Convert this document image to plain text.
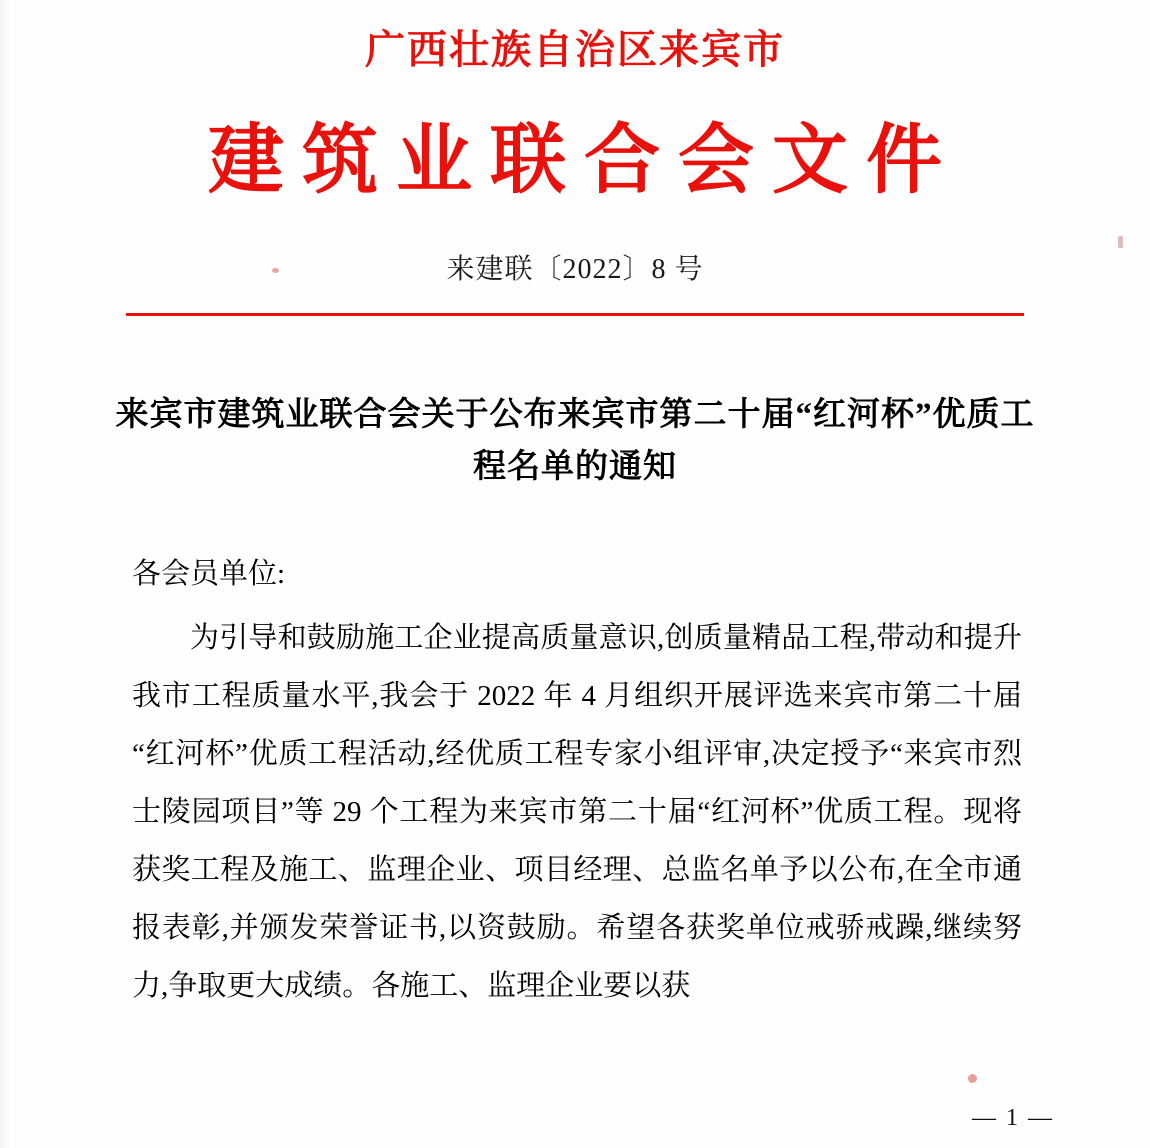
广西壮族自治区来宾市
建筑业联合会文件
来建联〔2022〕8 号
来宾市建筑业联合会关于公布来宾市第二十届“红河杯”优质工程名单的通知

各会员单位:

为引导和鼓励施工企业提高质量意识,创质量精品工程,带动和提升我市工程质量水平,我会于 2022 年 4 月组织开展评选来宾市第二十届“红河杯”优质工程活动,经优质工程专家小组评审,决定授予“来宾市烈士陵园项目”等 29 个工程为来宾市第二十届“红河杯”优质工程。现将获奖工程及施工、监理企业、项目经理、总监名单予以公布,在全市通报表彰,并颁发荣誉证书,以资鼓励。希望各获奖单位戒骄戒躁,继续努力,争取更大成绩。各施工、监理企业要以获

— 1 —
